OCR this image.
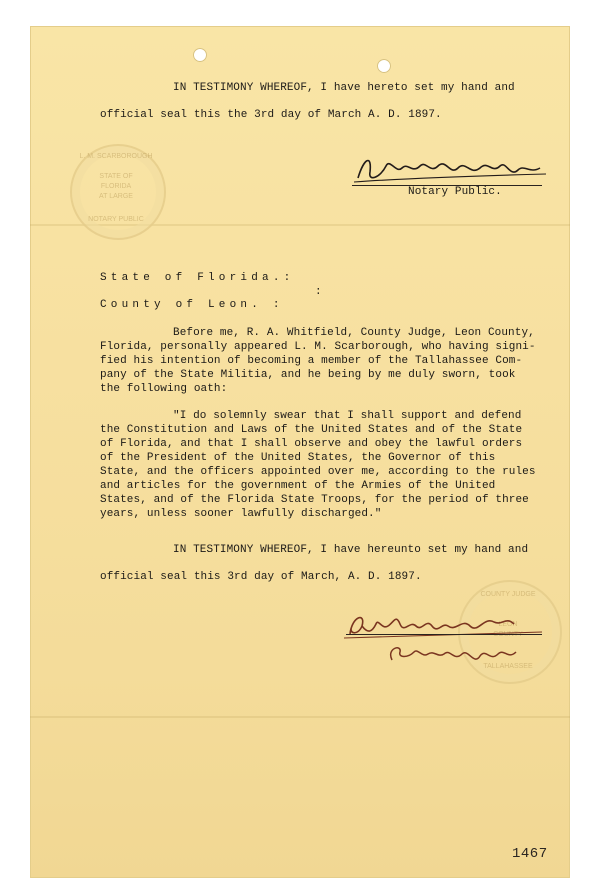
IN TESTIMONY WHEREOF, I have hereto set my hand and
official seal this the 3rd day of March A. D. 1897.
L. M. SCARBOROUGH
STATE OF
FLORIDA
AT LARGE
NOTARY PUBLIC
Notary Public.
State of Florida.:
:
County of Leon. :
Before me, R. A. Whitfield, County Judge, Leon County,
Florida, personally appeared L. M. Scarborough, who having signi-
fied his intention of becoming a member of the Tallahassee Com-
pany of the State Militia, and he being by me duly sworn, took
the following oath:
"I do solemnly swear that I shall support and defend
the Constitution and Laws of the United States and of the State
of Florida, and that I shall observe and obey the lawful orders
of the President of the United States, the Governor of this
State, and the officers appointed over me, according to the rules
and articles for the government of the Armies of the United
States, and of the Florida State Troops, for the period of three
years, unless sooner lawfully discharged."
IN TESTIMONY WHEREOF, I have hereunto set my hand and
official seal this 3rd day of March, A. D. 1897.
COUNTY JUDGE
LEON
TALLAHASSEE
1467
